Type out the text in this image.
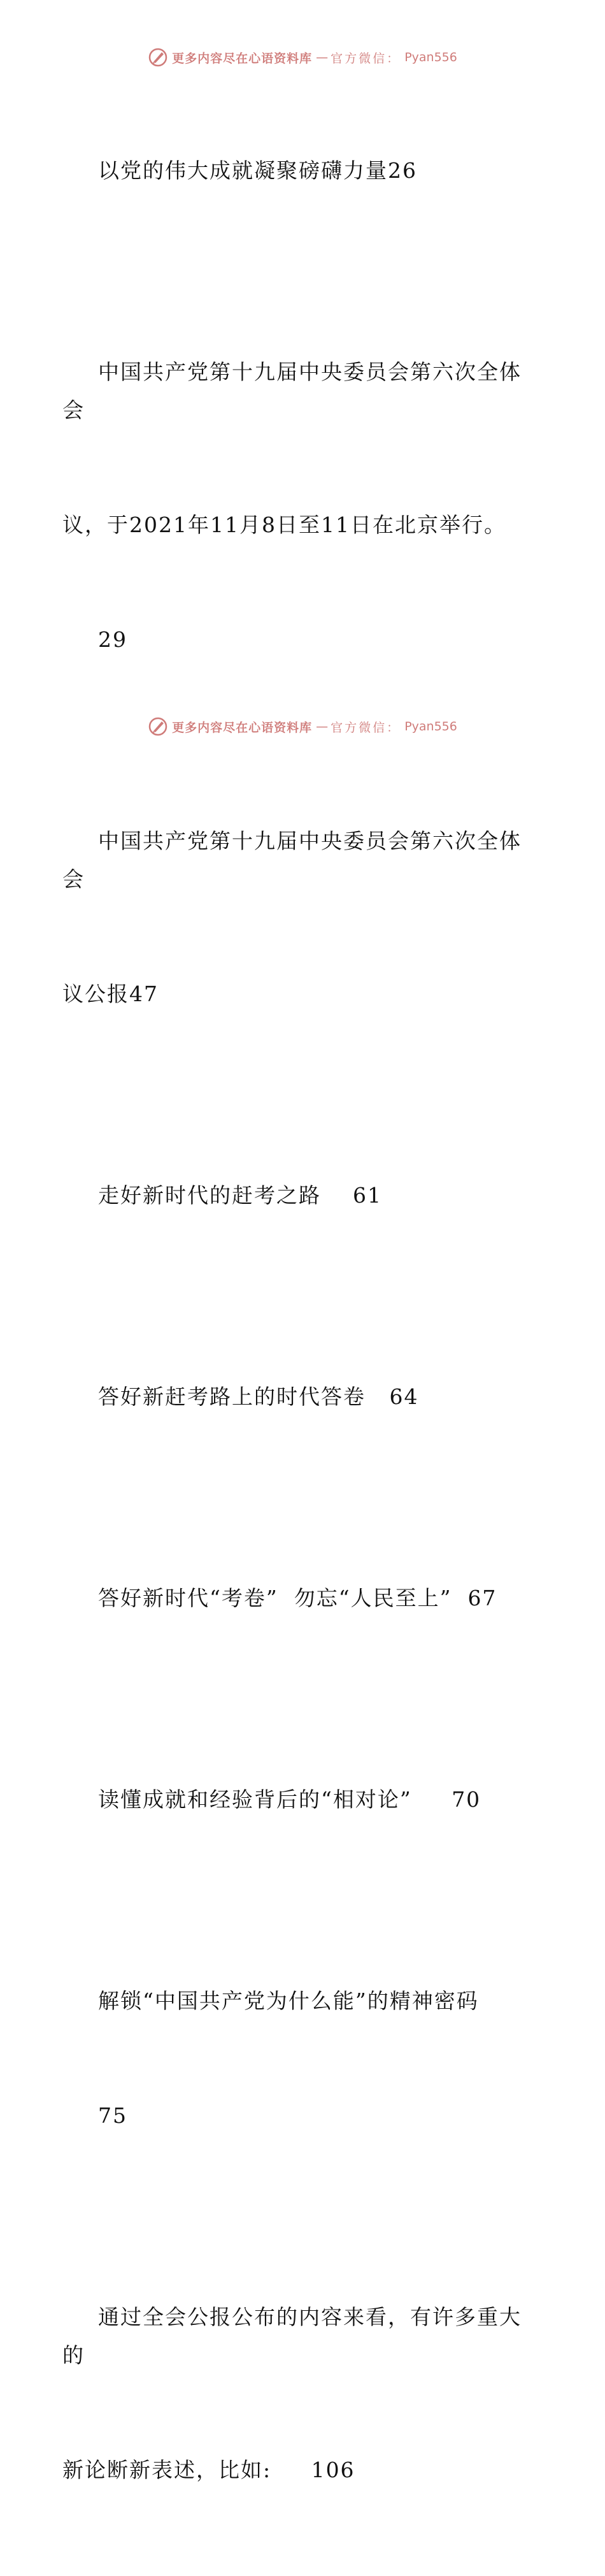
更多内容尽在心语资料库 — 官方微信： Pyan556

以党的伟大成就凝聚磅礴力量26

中国共产党第十九届中央委员会第六次全体会

议，于2021年11月8日至11日在北京举行。

29

中国共产党第十九届中央委员会第六次全体会

议公报47

走好新时代的赶考之路    61

答好新赶考路上的时代答卷   64

答好新时代“考卷”  勿忘“人民至上”  67

读懂成就和经验背后的“相对论”     70

解锁“中国共产党为什么能”的精神密码

75

通过全会公报公布的内容来看，有许多重大的

新论断新表述，比如:     106

更多内容尽在心语资料库 — 官方微信： Pyan556
